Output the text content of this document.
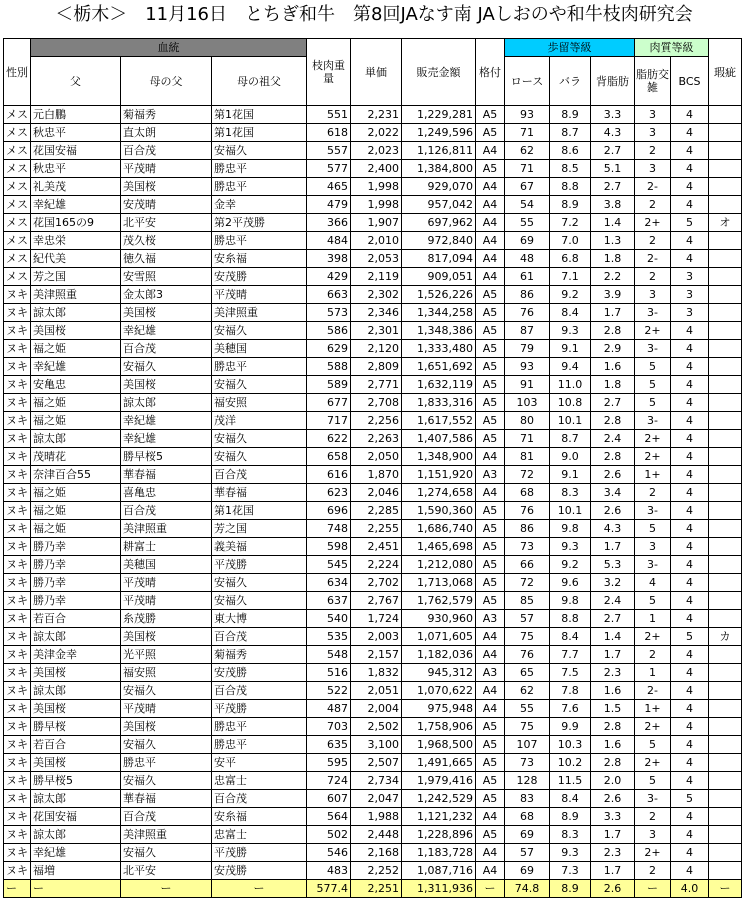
＜栃木＞　11月16日　とちぎ和牛　第8回JAなす南 JAしおのや和牛枝肉研究会
性別	血統			枝肉重量	単価	販売金額	格付	歩留等級			肉質等級		瑕疵
	父	母の父	母の祖父					ロース	バラ	背脂肪	脂肪交雑	BCS	
メス	元白鵬	菊福秀	第1花国	551	2,231	1,229,281	A5	93	8.9	3.3	3	4	
メス	秋忠平	直太朗	第1花国	618	2,022	1,249,596	A5	71	8.7	4.3	3	4	
メス	花国安福	百合茂	安福久	557	2,023	1,126,811	A4	62	8.6	2.7	2	4	
メス	秋忠平	平茂晴	勝忠平	577	2,400	1,384,800	A5	71	8.5	5.1	3	4	
メス	礼美茂	美国桜	勝忠平	465	1,998	929,070	A4	67	8.8	2.7	2-	4	
メス	幸紀雄	安茂晴	金幸	479	1,998	957,042	A4	54	8.9	3.8	2	4	
メス	花国165の9	北平安	第2平茂勝	366	1,907	697,962	A4	55	7.2	1.4	2+	5	オ
メス	幸忠栄	茂久桜	勝忠平	484	2,010	972,840	A4	69	7.0	1.3	2	4	
メス	紀代美	徳久福	安糸福	398	2,053	817,094	A4	48	6.8	1.8	2-	4	
メス	芳之国	安雪照	安茂勝	429	2,119	909,051	A4	61	7.1	2.2	2	3	
ヌキ	美津照重	金太郎3	平茂晴	663	2,302	1,526,226	A5	86	9.2	3.9	3	3	
ヌキ	諒太郎	美国桜	美津照重	573	2,346	1,344,258	A5	76	8.4	1.7	3-	3	
ヌキ	美国桜	幸紀雄	安福久	586	2,301	1,348,386	A5	87	9.3	2.8	2+	4	
ヌキ	福之姫	百合茂	美穂国	629	2,120	1,333,480	A5	79	9.1	2.9	3-	4	
ヌキ	幸紀雄	安福久	勝忠平	588	2,809	1,651,692	A5	93	9.4	1.6	5	4	
ヌキ	安亀忠	美国桜	安福久	589	2,771	1,632,119	A5	91	11.0	1.8	5	4	
ヌキ	福之姫	諒太郎	福安照	677	2,708	1,833,316	A5	103	10.8	2.7	5	4	
ヌキ	福之姫	幸紀雄	茂洋	717	2,256	1,617,552	A5	80	10.1	2.8	3-	4	
ヌキ	諒太郎	幸紀雄	安福久	622	2,263	1,407,586	A5	71	8.7	2.4	2+	4	
ヌキ	茂晴花	勝早桜5	安福久	658	2,050	1,348,900	A4	81	9.0	2.8	2+	4	
ヌキ	奈津百合55	華春福	百合茂	616	1,870	1,151,920	A3	72	9.1	2.6	1+	4	
ヌキ	福之姫	喜亀忠	華春福	623	2,046	1,274,658	A4	68	8.3	3.4	2	4	
ヌキ	福之姫	百合茂	第1花国	696	2,285	1,590,360	A5	76	10.1	2.6	3-	4	
ヌキ	福之姫	美津照重	芳之国	748	2,255	1,686,740	A5	86	9.8	4.3	5	4	
ヌキ	勝乃幸	耕富士	義美福	598	2,451	1,465,698	A5	73	9.3	1.7	3	4	
ヌキ	勝乃幸	美穂国	平茂勝	545	2,224	1,212,080	A5	66	9.2	5.3	3-	4	
ヌキ	勝乃幸	平茂晴	安福久	634	2,702	1,713,068	A5	72	9.6	3.2	4	4	
ヌキ	勝乃幸	平茂晴	安福久	637	2,767	1,762,579	A5	85	9.8	2.4	5	4	
ヌキ	若百合	糸茂勝	東大博	540	1,724	930,960	A3	57	8.8	2.7	1	4	
ヌキ	諒太郎	美国桜	百合茂	535	2,003	1,071,605	A4	75	8.4	1.4	2+	5	カ
ヌキ	美津金幸	光平照	菊福秀	548	2,157	1,182,036	A4	76	7.7	1.7	2	4	
ヌキ	美国桜	福安照	安茂勝	516	1,832	945,312	A3	65	7.5	2.3	1	4	
ヌキ	諒太郎	安福久	百合茂	522	2,051	1,070,622	A4	62	7.8	1.6	2-	4	
ヌキ	美国桜	平茂晴	平茂勝	487	2,004	975,948	A4	55	7.6	1.5	1+	4	
ヌキ	勝早桜	美国桜	勝忠平	703	2,502	1,758,906	A5	75	9.9	2.8	2+	4	
ヌキ	若百合	安福久	勝忠平	635	3,100	1,968,500	A5	107	10.3	1.6	5	4	
ヌキ	美国桜	勝忠平	安平	595	2,507	1,491,665	A5	73	10.2	2.8	2+	4	
ヌキ	勝早桜5	安福久	忠富士	724	2,734	1,979,416	A5	128	11.5	2.0	5	4	
ヌキ	諒太郎	華春福	百合茂	607	2,047	1,242,529	A5	83	8.4	2.6	3-	5	
ヌキ	花国安福	百合茂	安糸福	564	1,988	1,121,232	A4	68	8.9	3.3	2	4	
ヌキ	諒太郎	美津照重	忠富士	502	2,448	1,228,896	A5	69	8.3	1.7	3	4	
ヌキ	幸紀雄	安福久	平茂勝	546	2,168	1,183,728	A4	57	9.3	2.3	2+	4	
ヌキ	福増	北平安	安茂勝	483	2,252	1,087,716	A4	69	7.3	1.7	2	4	
ー	ー	ー	ー	577.4	2,251	1,311,936	ー	74.8	8.9	2.6	ー	4.0	ー
